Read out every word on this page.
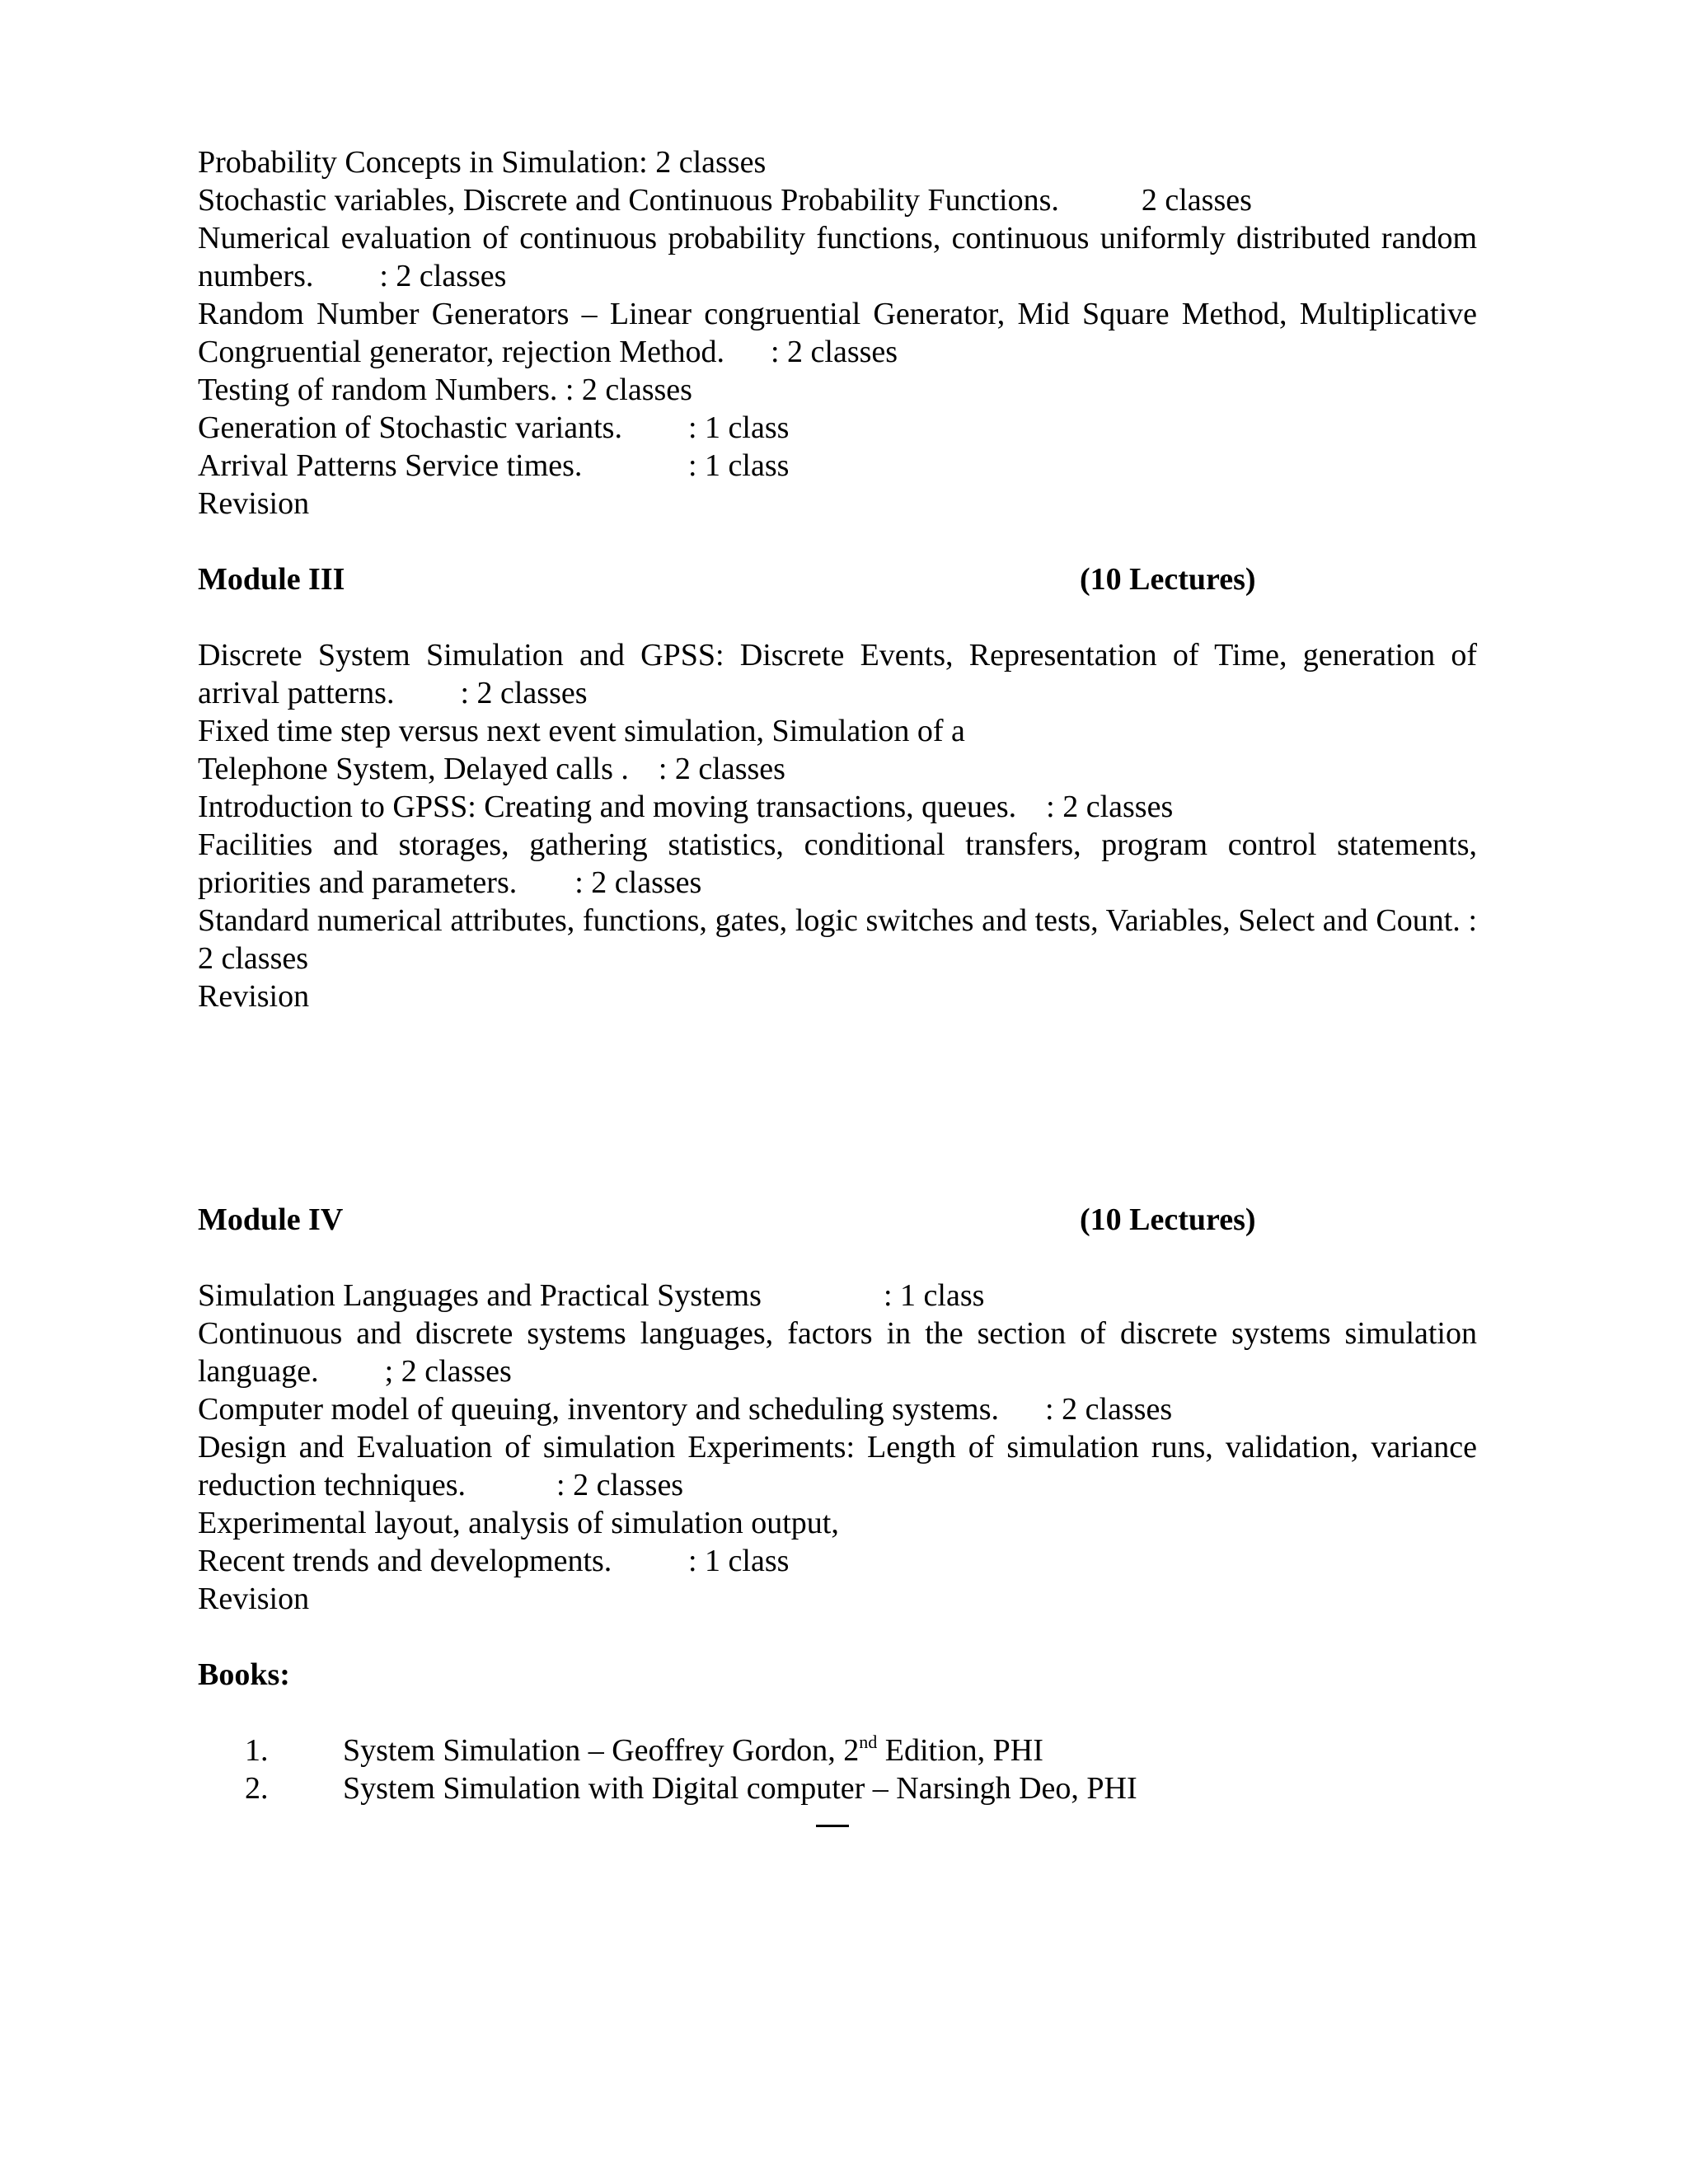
Probability Concepts in Simulation: 2 classes
Stochastic variables, Discrete and Continuous Probability Functions.	2 classes
Numerical evaluation of continuous probability functions, continuous uniformly distributed random numbers. : 2 classes
Random Number Generators – Linear congruential Generator, Mid Square Method, Multiplicative Congruential generator, rejection Method. : 2 classes
Testing of random Numbers. : 2 classes
Generation of Stochastic variants. : 1 class
Arrival Patterns Service times.	: 1 class
Revision
Module III	(10 Lectures)
Discrete System Simulation and GPSS: Discrete Events, Representation of Time, generation of arrival patterns. : 2 classes
Fixed time step versus next event simulation, Simulation of a
Telephone System, Delayed calls . : 2 classes
Introduction to GPSS: Creating and moving transactions, queues. : 2 classes
Facilities and storages, gathering statistics, conditional transfers, program control statements, priorities and parameters. : 2 classes
Standard numerical attributes, functions, gates, logic switches and tests, Variables, Select and Count. : 2 classes
Revision
Module IV	(10 Lectures)
Simulation Languages and Practical Systems	: 1 class
Continuous and discrete systems languages, factors in the section of discrete systems simulation language. ; 2 classes
Computer model of queuing, inventory and scheduling systems. : 2 classes
Design and Evaluation of simulation Experiments: Length of simulation runs, validation, variance reduction techniques.	: 2 classes
Experimental layout, analysis of simulation output,
Recent trends and developments. : 1 class
Revision
Books:
1. System Simulation – Geoffrey Gordon, 2nd Edition, PHI
2. System Simulation with Digital computer – Narsingh Deo, PHI
